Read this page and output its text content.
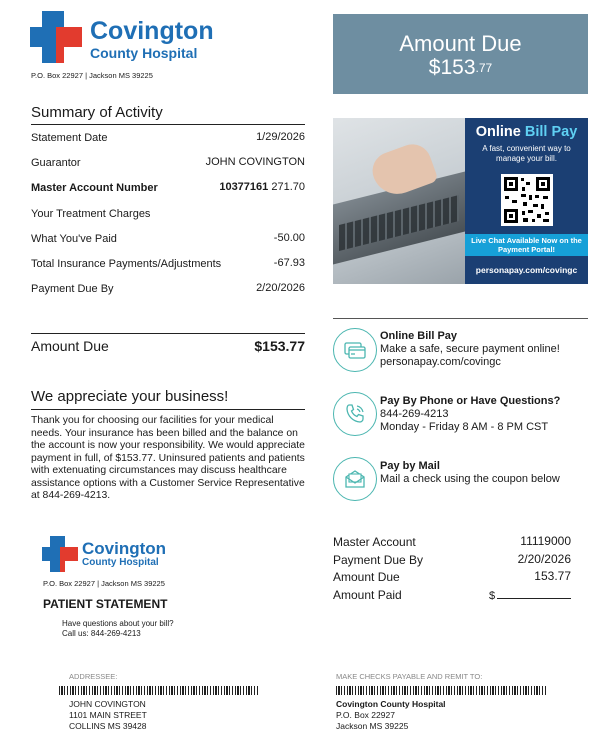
Covington
County Hospital
P.O. Box 22927 | Jackson MS 39225
Amount Due
$\$153^{.77}$
Summary of Activity
Statement Date	1/29/2026
Guarantor	JOHN COVINGTON
Master Account Number	10377161 271.70
Your Treatment Charges
What You've Paid	-50.00
Total Insurance Payments/Adjustments	-67.93
Payment Due By	2/20/2026
Amount Due	$153.77
We appreciate your business!
Thank you for choosing our facilities for your medical needs. Your insurance has been billed and the balance on the account is now your responsibility. We would appreciate payment in full, of $153.77. Uninsured patients and patients with extenuating circumstances may discuss healthcare assistance options with a Customer Service Representative at 844-269-4213.
Online Bill Pay
A fast, convenient way to manage your bill.
Live Chat Available Now on the Payment Portal!
personapay.com/covingc
Online Bill Pay
Make a safe, secure payment online!
personapay.com/covingc
Pay By Phone or Have Questions?
844-269-4213
Monday - Friday 8 AM - 8 PM CST
Pay by Mail
Mail a check using the coupon below
Covington
County Hospital
P.O. Box 22927 | Jackson MS 39225
PATIENT STATEMENT
Have questions about your bill?
Call us: 844-269-4213
Master Account	11119000
Payment Due By	2/20/2026
Amount Due	153.77
Amount Paid	$
ADDRESSEE:
JOHN COVINGTON
1101 MAIN STREET
COLLINS MS 39428
MAKE CHECKS PAYABLE AND REMIT TO:
Covington County Hospital
P.O. Box 22927
Jackson MS 39225
